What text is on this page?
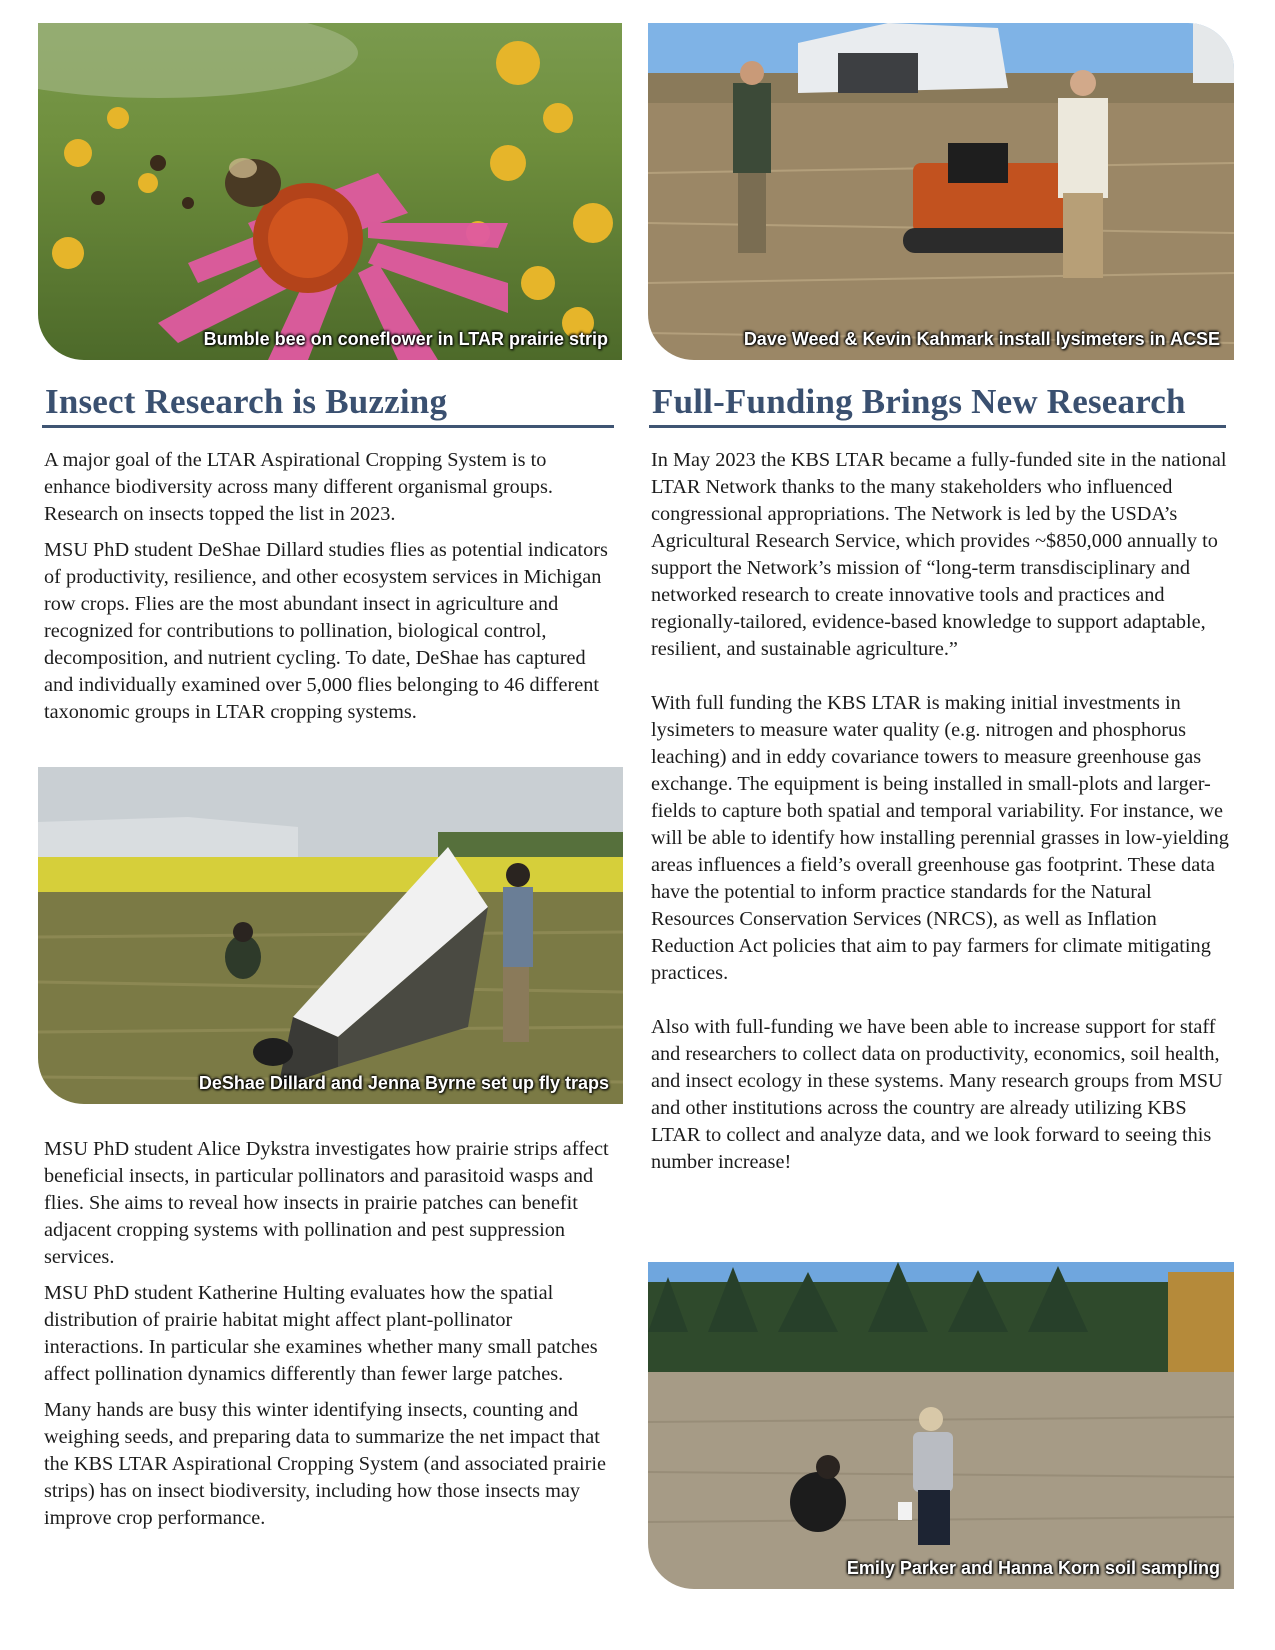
Bumble bee on coneflower in LTAR prairie strip	Dave Weed & Kevin Kahmark install lysimeters in ACSE
Insect Research is Buzzing

A major goal of the LTAR Aspirational Cropping System is to enhance biodiversity across many different organismal groups. Research on insects topped the list in 2023.

MSU PhD student DeShae Dillard studies flies as potential indicators of productivity, resilience, and other ecosystem services in Michigan row crops. Flies are the most abundant insect in agriculture and recognized for contributions to pollination, biological control, decomposition, and nutrient cycling. To date, DeShae has captured and individually examined over 5,000 flies belonging to 46 different taxonomic groups in LTAR cropping systems.

DeShae Dillard and Jenna Byrne set up fly traps

MSU PhD student Alice Dykstra investigates how prairie strips affect beneficial insects, in particular pollinators and parasitoid wasps and flies. She aims to reveal how insects in prairie patches can benefit adjacent cropping systems with pollination and pest suppression services.

MSU PhD student Katherine Hulting evaluates how the spatial distribution of prairie habitat might affect plant-pollinator interactions. In particular she examines whether many small patches affect pollination dynamics differently than fewer large patches.

Many hands are busy this winter identifying insects, counting and weighing seeds, and preparing data to summarize the net impact that the KBS LTAR Aspirational Cropping System (and associated prairie strips) has on insect biodiversity, including how those insects may improve crop performance.

Full-Funding Brings New Research

In May 2023 the KBS LTAR became a fully-funded site in the national LTAR Network thanks to the many stakeholders who influenced congressional appropriations. The Network is led by the USDA’s Agricultural Research Service, which provides ~$850,000 annually to support the Network’s mission of “long-term transdisciplinary and networked research to create innovative tools and practices and regionally-tailored, evidence-based knowledge to support adaptable, resilient, and sustainable agriculture.”

With full funding the KBS LTAR is making initial investments in lysimeters to measure water quality (e.g. nitrogen and phosphorus leaching) and in eddy covariance towers to measure greenhouse gas exchange. The equipment is being installed in small-plots and larger-fields to capture both spatial and temporal variability. For instance, we will be able to identify how installing perennial grasses in low-yielding areas influences a field’s overall greenhouse gas footprint. These data have the potential to inform practice standards for the Natural Resources Conservation Services (NRCS), as well as Inflation Reduction Act policies that aim to pay farmers for climate mitigating practices.

Also with full-funding we have been able to increase support for staff and researchers to collect data on productivity, economics, soil health, and insect ecology in these systems. Many research groups from MSU and other institutions across the country are already utilizing KBS LTAR to collect and analyze data, and we look forward to seeing this number increase!

Emily Parker and Hanna Korn soil sampling
